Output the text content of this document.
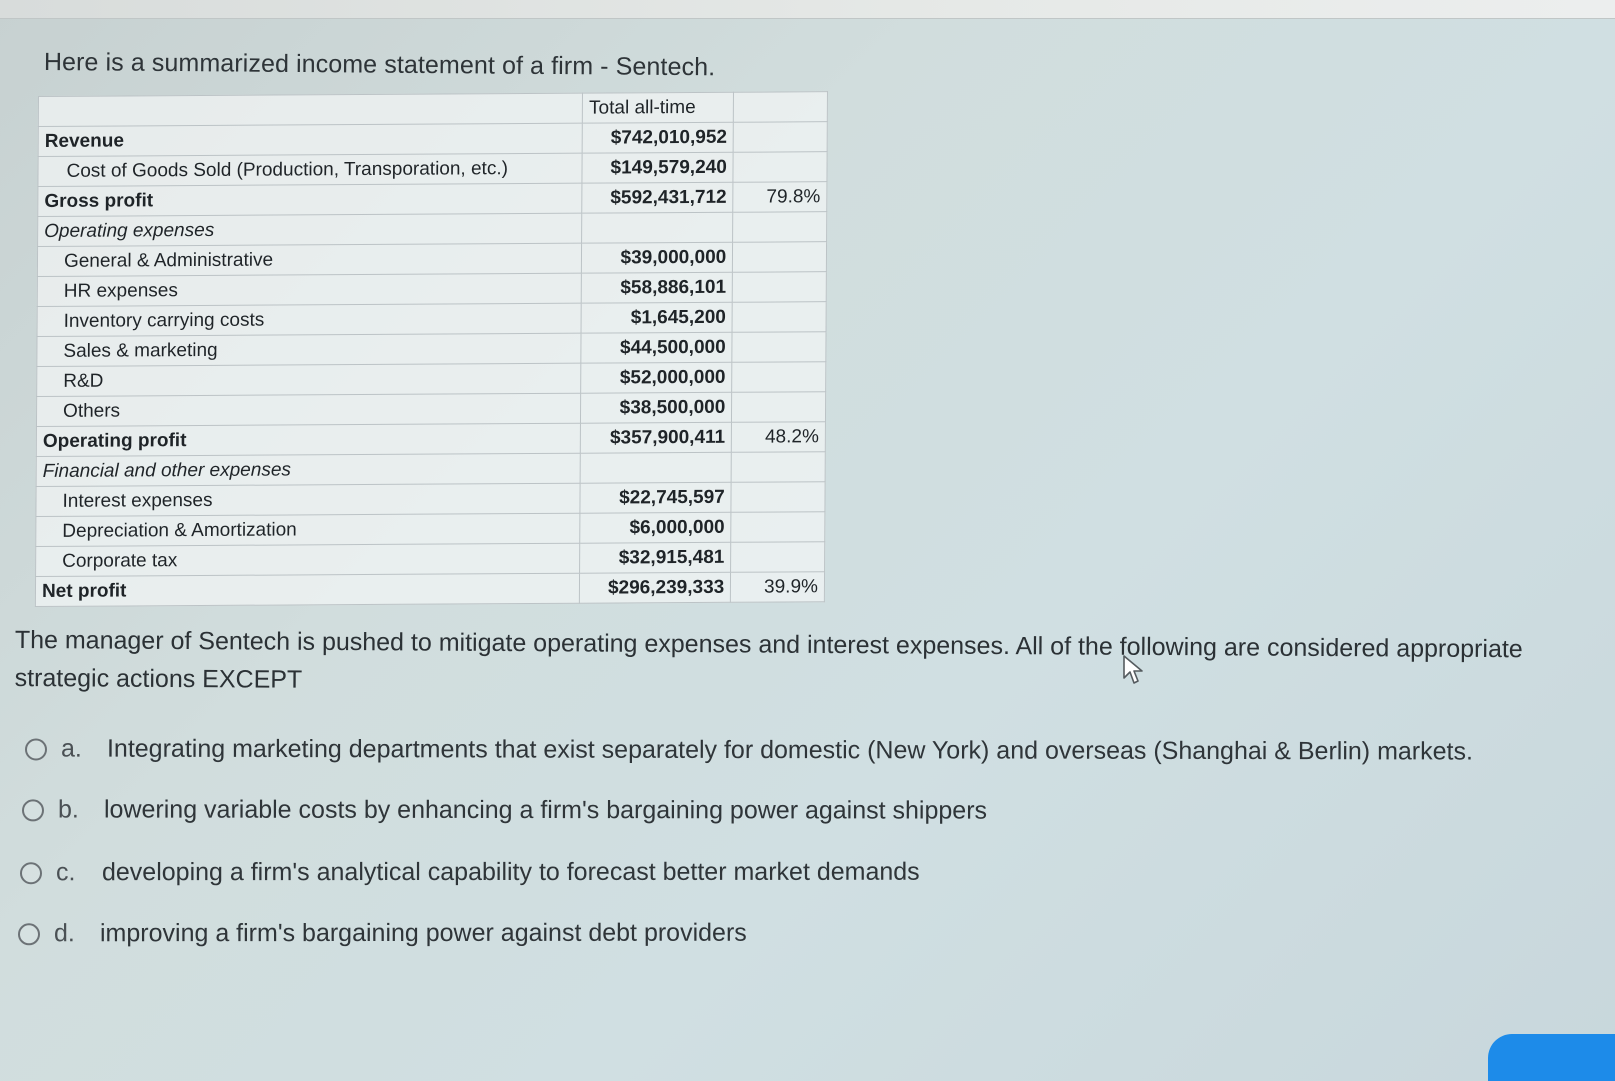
Here is a summarized income statement of a firm - Sentech.
	Total all-time	
Revenue	$742,010,952	
Cost of Goods Sold (Production, Transporation, etc.)	$149,579,240	
Gross profit	$592,431,712	79.8%
Operating expenses		
General & Administrative	$39,000,000	
HR expenses	$58,886,101	
Inventory carrying costs	$1,645,200	
Sales & marketing	$44,500,000	
R&D	$52,000,000	
Others	$38,500,000	
Operating profit	$357,900,411	48.2%
Financial and other expenses		
Interest expenses	$22,745,597	
Depreciation & Amortization	$6,000,000	
Corporate tax	$32,915,481	
Net profit	$296,239,333	39.9%

The manager of Sentech is pushed to mitigate operating expenses and interest expenses. All of the following are considered appropriate strategic actions EXCEPT

a.	Integrating marketing departments that exist separately for domestic (New York) and overseas (Shanghai & Berlin) markets.
b.	lowering variable costs by enhancing a firm's bargaining power against shippers
c.	developing a firm's analytical capability to forecast better market demands
d.	improving a firm's bargaining power against debt providers
